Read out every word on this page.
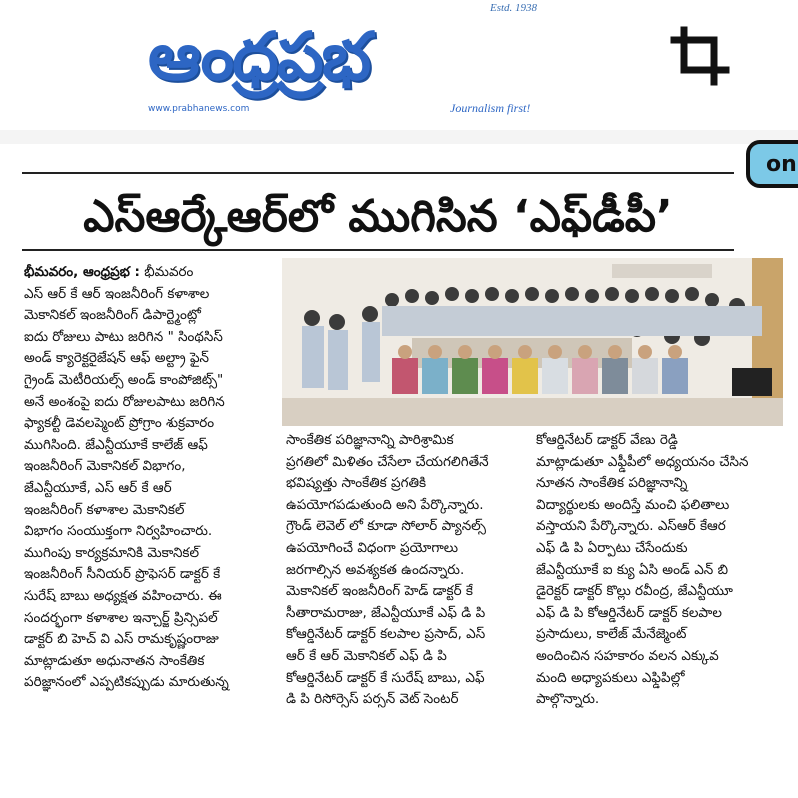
Estd. 1938
ఆంధ్రప్రభ
www.prabhanews.com	Journalism first!
on
ఎస్ఆర్కేఆర్‌లో ముగిసిన ‘ఎఫ్‌డీపీ’

భీమవరం, ఆంధ్రప్రభ : భీమవరం

ఎస్ ఆర్ కే ఆర్ ఇంజనీరింగ్ కళాశాల

మెకానికల్ ఇంజనీరింగ్ డిపార్ట్మెంట్లో

ఐదు రోజులు పాటు జరిగిన " సింథసిస్

అండ్ క్యారెక్టరైజేషన్ ఆఫ్ అల్ట్రా ఫైన్

గ్రైండ్ మెటీరియల్స్ అండ్ కాంపోజిట్స్"

అనే అంశంపై ఐదు రోజులపాటు జరిగిన

ఫ్యాకల్టీ డెవలప్మెంట్ ప్రోగ్రాం శుక్రవారం

ముగిసింది. జేఎన్టీయూకే కాలేజ్ ఆఫ్

ఇంజనీరింగ్ మెకానికల్ విభాగం,

జేఎన్టీయూకే, ఎస్ ఆర్ కే ఆర్

ఇంజనీరింగ్ కళాశాల మెకానికల్

విభాగం సంయుక్తంగా నిర్వహించారు.

ముగింపు కార్యక్రమానికి మెకానికల్

ఇంజనీరింగ్ సీనియర్ ప్రొఫెసర్ డాక్టర్ కే

సురేష్ బాబు అధ్యక్షత వహించారు. ఈ

సందర్భంగా కళాశాల ఇన్చార్జ్ ప్రిన్సిపల్

డాక్టర్ బి హెచ్ వి ఎస్ రామకృష్ణంరాజు

మాట్లాడుతూ అధునాతన సాంకేతిక

పరిజ్ఞానంలో ఎప్పటికప్పుడు మారుతున్న

సాంకేతిక పరిజ్ఞానాన్ని పారిశ్రామిక

ప్రగతిలో మిళితం చేసేలా చేయగలిగితేనే

భవిష్యత్తు సాంకేతిక ప్రగతికి

ఉపయోగపడుతుంది అని పేర్కొన్నారు.

గ్రౌండ్ లెవెల్ లో కూడా సోలార్ ప్యానల్స్

ఉపయోగించే విధంగా ప్రయోగాలు

జరగాల్సిన అవశ్యకత ఉందన్నారు.

మెకానికల్ ఇంజనీరింగ్ హెడ్ డాక్టర్ కే

సీతారామరాజు, జేఎన్టీయూకే ఎఫ్ డి పి

కోఆర్డినేటర్ డాక్టర్ కలపాల ప్రసాద్, ఎస్

ఆర్ కే ఆర్ మెకానికల్ ఎఫ్ డి పి

కోఆర్డినేటర్ డాక్టర్ కే సురేష్ బాబు, ఎఫ్

డి పి రిసోర్సెస్ పర్సన్ వెట్ సెంటర్

కోఆర్డినేటర్ డాక్టర్ వేణు రెడ్డి

మాట్లాడుతూ ఎఫ్డీపీలో అధ్యయనం చేసిన

నూతన సాంకేతిక పరిజ్ఞానాన్ని

విద్యార్థులకు అందిస్తే మంచి ఫలితాలు

వస్తాయని పేర్కొన్నారు. ఎస్ఆర్ కేఆర

ఎఫ్ డి పి ఏర్పాటు చేసేందుకు

జేఎన్టీయూకే ఐ క్యు ఏసి అండ్ ఎన్ బి

డైరెక్టర్ డాక్టర్ కొల్లు రవీంద్ర, జేఎన్టీయూ

ఎఫ్ డి పి కోఆర్డినేటర్ డాక్టర్ కలపాల

ప్రసాదులు, కాలేజ్ మేనేజ్మెంట్

అందించిన సహకారం వలన ఎక్కువ

మంది అధ్యాపకులు ఎఫ్డిపిల్లో

పాల్గొన్నారు.
